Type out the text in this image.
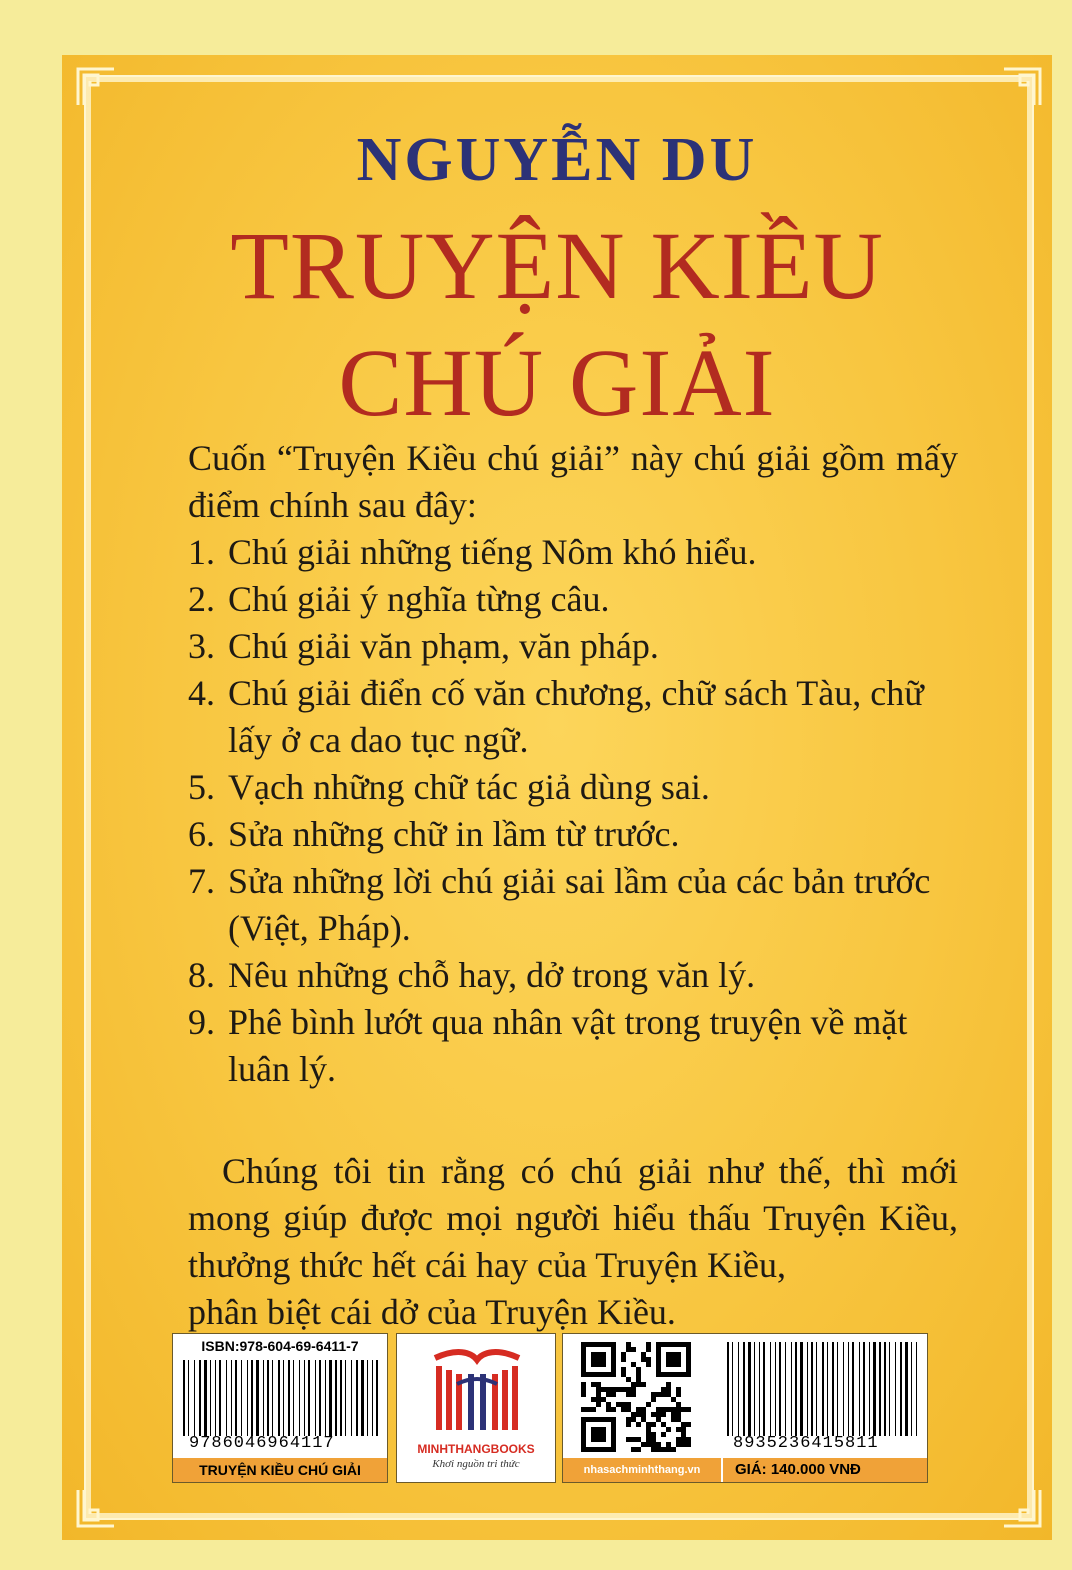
NGUYỄN DU
TRUYỆN KIỀU
CHÚ GIẢI
Cuốn “Truyện Kiều chú giải” này chú giải gồm mấy điểm chính sau đây:
1. Chú giải những tiếng Nôm khó hiểu.
2. Chú giải ý nghĩa từng câu.
3. Chú giải văn phạm, văn pháp.
4. Chú giải điển cố văn chương, chữ sách Tàu, chữ lấy ở ca dao tục ngữ.
5. Vạch những chữ tác giả dùng sai.
6. Sửa những chữ in lầm từ trước.
7. Sửa những lời chú giải sai lầm của các bản trước (Việt, Pháp).
8. Nêu những chỗ hay, dở trong văn lý.
9. Phê bình lướt qua nhân vật trong truyện về mặt luân lý.

Chúng tôi tin rằng có chú giải như thế, thì mới mong giúp được mọi người hiểu thấu Truyện Kiều, thưởng thức hết cái hay của Truyện Kiều,

phân biệt cái dở của Truyện Kiều.

ISBN:978-604-69-6411-7
9786046964117
TRUYỆN KIỀU CHÚ GIẢI
MINHTHANGBOOKS
Khơi nguồn tri thức
8935236415811
nhasachminhthang.vn	GIÁ: 140.000 VNĐ
